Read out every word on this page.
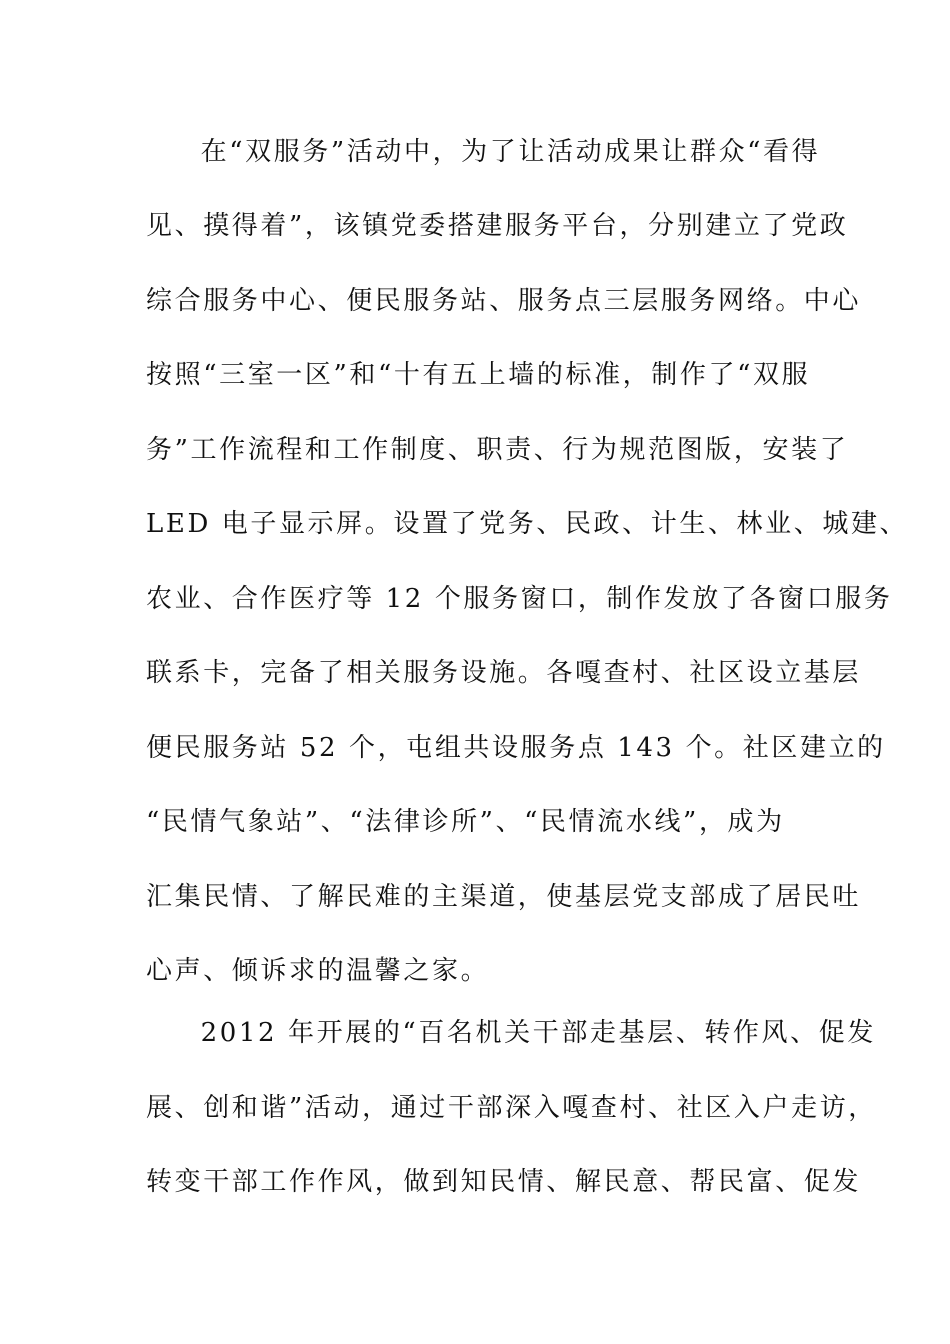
　在“双服务”活动中，为了让活动成果让群众“看得
见、摸得着”，该镇党委搭建服务平台，分别建立了党政
综合服务中心、便民服务站、服务点三层服务网络。中心
按照“三室一区”和“十有五上墙的标准，制作了“双服
务”工作流程和工作制度、职责、行为规范图版，安装了
LED 电子显示屏。设置了党务、民政、计生、林业、城建、
农业、合作医疗等 12 个服务窗口，制作发放了各窗口服务
联系卡，完备了相关服务设施。各嘎查村、社区设立基层
便民服务站 52 个，屯组共设服务点 143 个。社区建立的
“民情气象站”、“法律诊所”、“民情流水线”，成为
汇集民情、了解民难的主渠道，使基层党支部成了居民吐
心声、倾诉求的温馨之家。
　2012 年开展的“百名机关干部走基层、转作风、促发
展、创和谐”活动，通过干部深入嘎查村、社区入户走访，
转变干部工作作风，做到知民情、解民意、帮民富、促发
